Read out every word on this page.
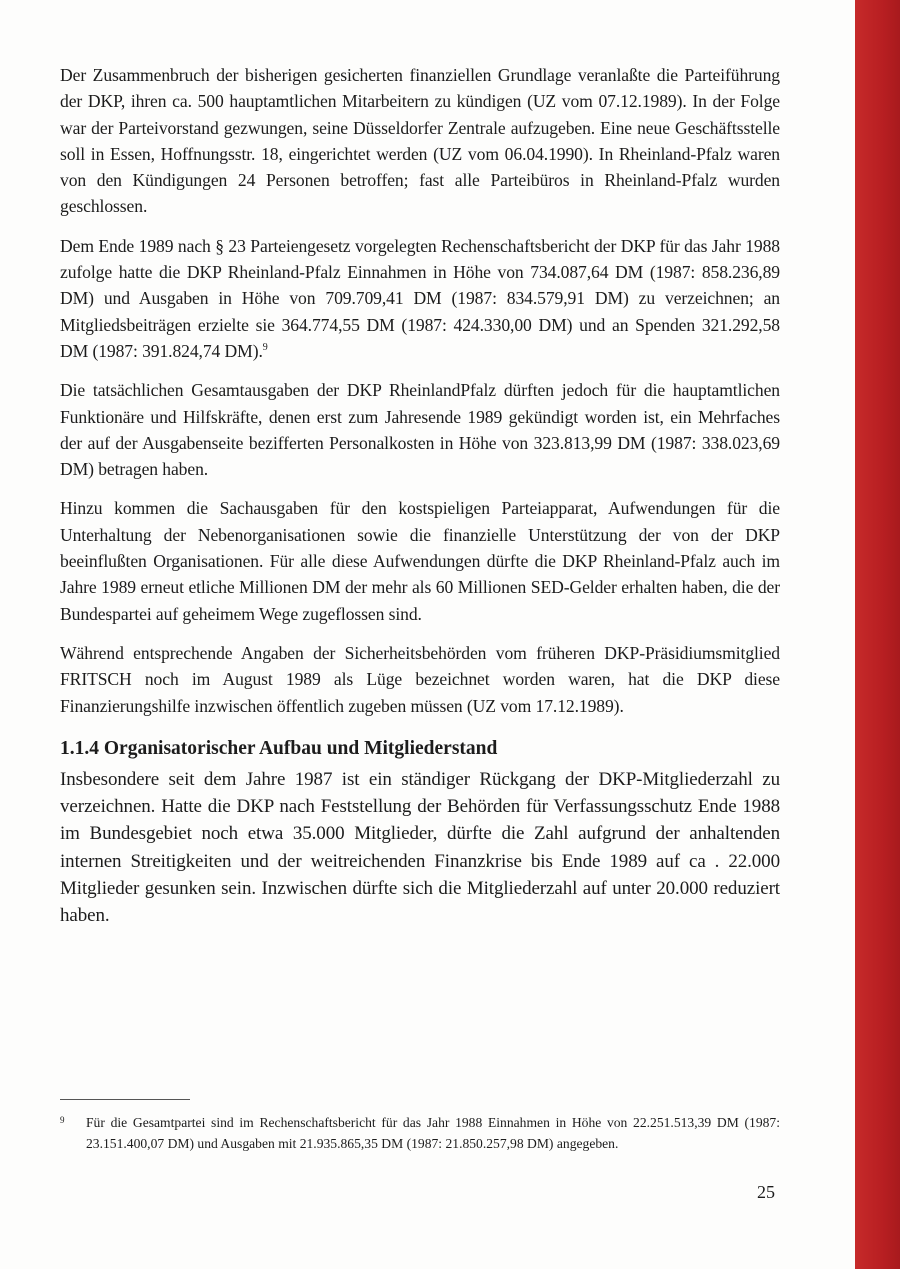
Der Zusammenbruch der bisherigen gesicherten finanziellen Grundlage veranlaßte die Parteiführung der DKP, ihren ca. 500 hauptamtlichen Mitarbeitern zu kündigen (UZ vom 07.12.1989). In der Folge war der Parteivorstand gezwungen, seine Düsseldorfer Zentrale aufzugeben. Eine neue Geschäftsstelle soll in Essen, Hoffnungsstr. 18, eingerichtet werden (UZ vom 06.04.1990). In Rheinland-Pfalz waren von den Kündigungen 24 Personen betroffen; fast alle Parteibüros in Rheinland-Pfalz wurden geschlossen.

Dem Ende 1989 nach § 23 Parteiengesetz vorgelegten Rechenschaftsbericht der DKP für das Jahr 1988 zufolge hatte die DKP Rheinland-Pfalz Einnahmen in Höhe von 734.087,64 DM (1987: 858.236,89 DM) und Ausgaben in Höhe von 709.709,41 DM (1987: 834.579,91 DM) zu verzeichnen; an Mitgliedsbeiträgen erzielte sie 364.774,55 DM (1987: 424.330,00 DM) und an Spenden 321.292,58 DM (1987: 391.824,74 DM).$^9$

Die tatsächlichen Gesamtausgaben der DKP RheinlandPfalz dürften jedoch für die hauptamtlichen Funktionäre und Hilfskräfte, denen erst zum Jahresende 1989 gekündigt worden ist, ein Mehrfaches der auf der Ausgabenseite bezifferten Personalkosten in Höhe von 323.813,99 DM (1987: 338.023,69 DM) betragen haben.

Hinzu kommen die Sachausgaben für den kostspieligen Parteiapparat, Aufwendungen für die Unterhaltung der Nebenorganisationen sowie die finanzielle Unterstützung der von der DKP beeinflußten Organisationen. Für alle diese Aufwendungen dürfte die DKP Rheinland-Pfalz auch im Jahre 1989 erneut etliche Millionen DM der mehr als 60 Millionen SED-Gelder erhalten haben, die der Bundespartei auf geheimem Wege zugeflossen sind.

Während entsprechende Angaben der Sicherheitsbehörden vom früheren DKP-Präsidiumsmitglied FRITSCH noch im August 1989 als Lüge bezeichnet worden waren, hat die DKP diese Finanzierungshilfe inzwischen öffentlich zugeben müssen (UZ vom 17.12.1989).

1.1.4 Organisatorischer Aufbau und Mitgliederstand

Insbesondere seit dem Jahre 1987 ist ein ständiger Rückgang der DKP-Mitgliederzahl zu verzeichnen. Hatte die DKP nach Feststellung der Behörden für Verfassungsschutz Ende 1988 im Bundesgebiet noch etwa 35.000 Mitglieder, dürfte die Zahl aufgrund der anhaltenden internen Streitigkeiten und der weitreichenden Finanzkrise bis Ende 1989 auf ca . 22.000 Mitglieder gesunken sein. Inzwischen dürfte sich die Mitgliederzahl auf unter 20.000 reduziert haben.

9 Für die Gesamtpartei sind im Rechenschaftsbericht für das Jahr 1988 Einnahmen in Höhe von 22.251.513,39 DM (1987: 23.151.400,07 DM) und Ausgaben mit 21.935.865,35 DM (1987: 21.850.257,98 DM) angegeben.
25
